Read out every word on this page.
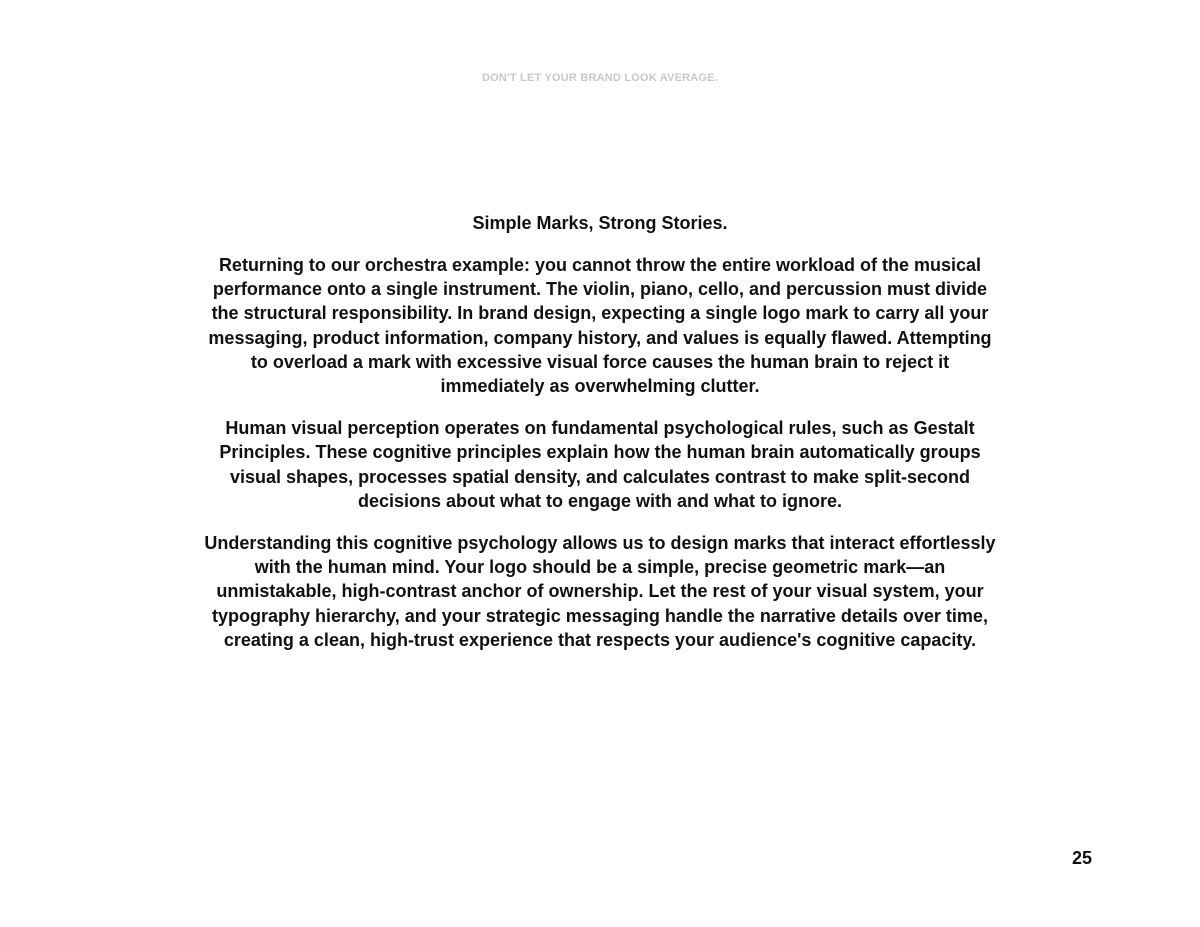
DON'T LET YOUR BRAND LOOK AVERAGE.
Simple Marks, Strong Stories.

Returning to our orchestra example: you cannot throw the entire workload of the musical performance onto a single instrument. The violin, piano, cello, and percussion must divide the structural responsibility. In brand design, expecting a single logo mark to carry all your messaging, product information, company history, and values is equally flawed. Attempting to overload a mark with excessive visual force causes the human brain to reject it immediately as overwhelming clutter.

Human visual perception operates on fundamental psychological rules, such as Gestalt Principles. These cognitive principles explain how the human brain automatically groups visual shapes, processes spatial density, and calculates contrast to make split-second decisions about what to engage with and what to ignore.

Understanding this cognitive psychology allows us to design marks that interact effortlessly with the human mind. Your logo should be a simple, precise geometric mark—an unmistakable, high-contrast anchor of ownership. Let the rest of your visual system, your typography hierarchy, and your strategic messaging handle the narrative details over time, creating a clean, high-trust experience that respects your audience's cognitive capacity.

25
